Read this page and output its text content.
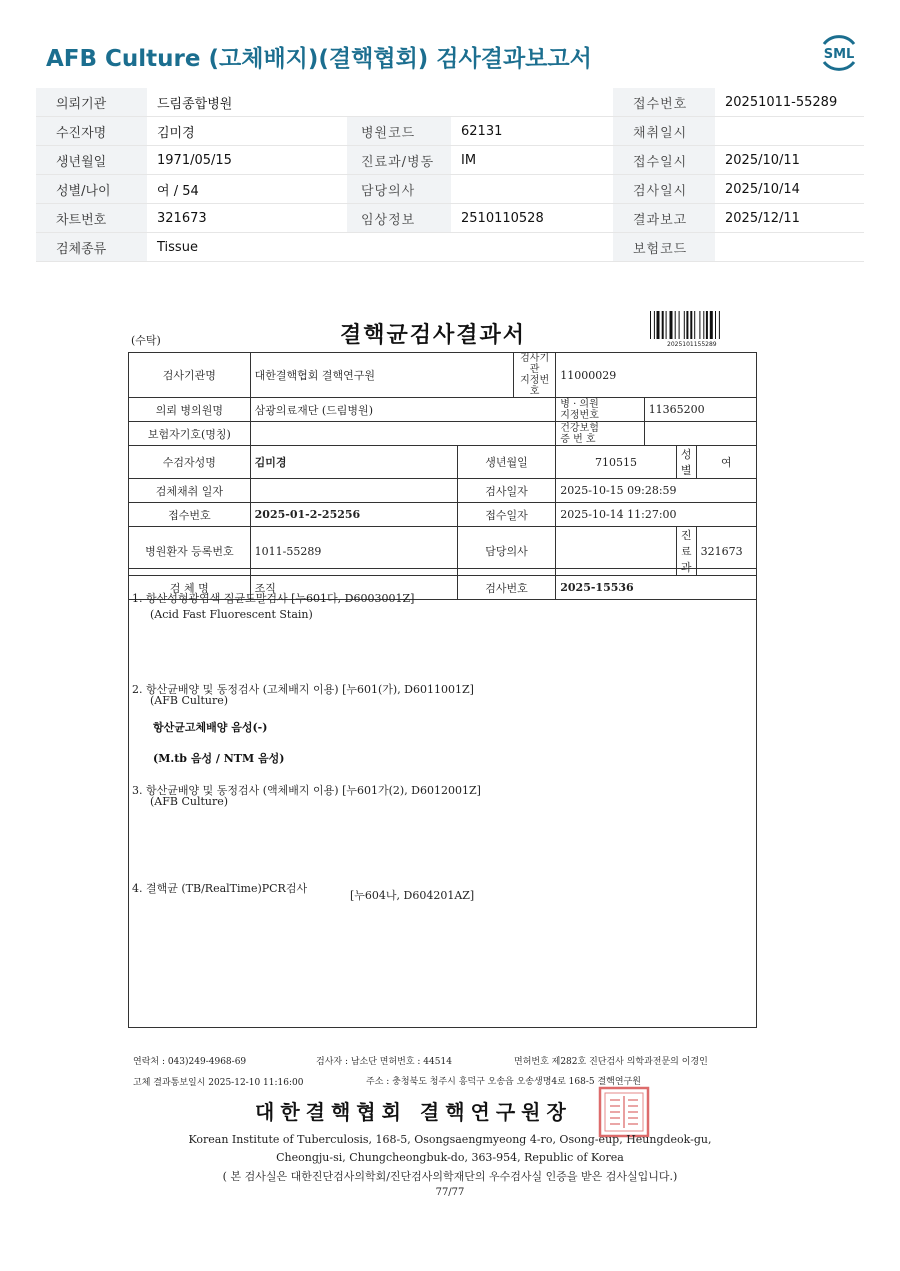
AFB Culture (고체배지)(결핵협회) 검사결과보고서	SML
의뢰기관	드림종합병원			접수번호	20251011-55289
수진자명	김미경	병원코드	62131	채취일시	
생년월일	1971/05/15	진료과/병동	IM	접수일시	2025/10/11
성별/나이	여 / 54	담당의사		검사일시	2025/10/14
차트번호	321673	임상정보	2510110528	결과보고	2025/12/11
검체종류	Tissue			보험코드	
(수탁)	결핵균검사결과서	2025101155289
검사기관명	대한결핵협회 결핵연구원		검사기관
지정번호	11000029			
의뢰 병의원명	삼광의료재단 (드림병원)			병 · 의원
지정번호	11365200		
보험자기호(명칭)				건강보험
증 번 호			
수검자성명	김미경	생년월일		710515		성별	여
검체채취 일자		검사일자		2025-10-15 09:28:59			
접수번호	2025-01-2-25256	접수일자		2025-10-14 11:27:00			
병원환자 등록번호	1011-55289	담당의사				진료과	321673
검 체 명	조직	검사번호		2025-15536			
1. 항산성형광염색 집균도말검사 [누601다, D6003001Z]
(Acid Fast Fluorescent Stain)
2. 항산균배양 및 동정검사 (고체배지 이용) [누601(가), D6011001Z]
(AFB Culture)
항산균고체배양 음성(-)
(M.tb 음성 / NTM 음성)
3. 항산균배양 및 동정검사 (액체배지 이용) [누601가(2), D6012001Z]
(AFB Culture)
4. 결핵균 (TB/RealTime)PCR검사
[누604나, D604201AZ]
연락처 : 043)249-4968-69	검사자 : 남소단 면허번호 : 44514	면허번호 제282호 진단검사 의학과전문의 이경인
고체 결과통보일시 2025-12-10 11:16:00	주소 : 충청북도 청주시 흥덕구 오송읍 오송생명4로 168-5 결핵연구원
대한결핵협회 결핵연구원장
Korean Institute of Tuberculosis, 168-5, Osongsaengmyeong 4-ro, Osong-eup, Heungdeok-gu,
Cheongju-si, Chungcheongbuk-do, 363-954, Republic of Korea
( 본 검사실은 대한진단검사의학회/진단검사의학재단의 우수검사실 인증을 받은 검사실입니다.)
77/77
